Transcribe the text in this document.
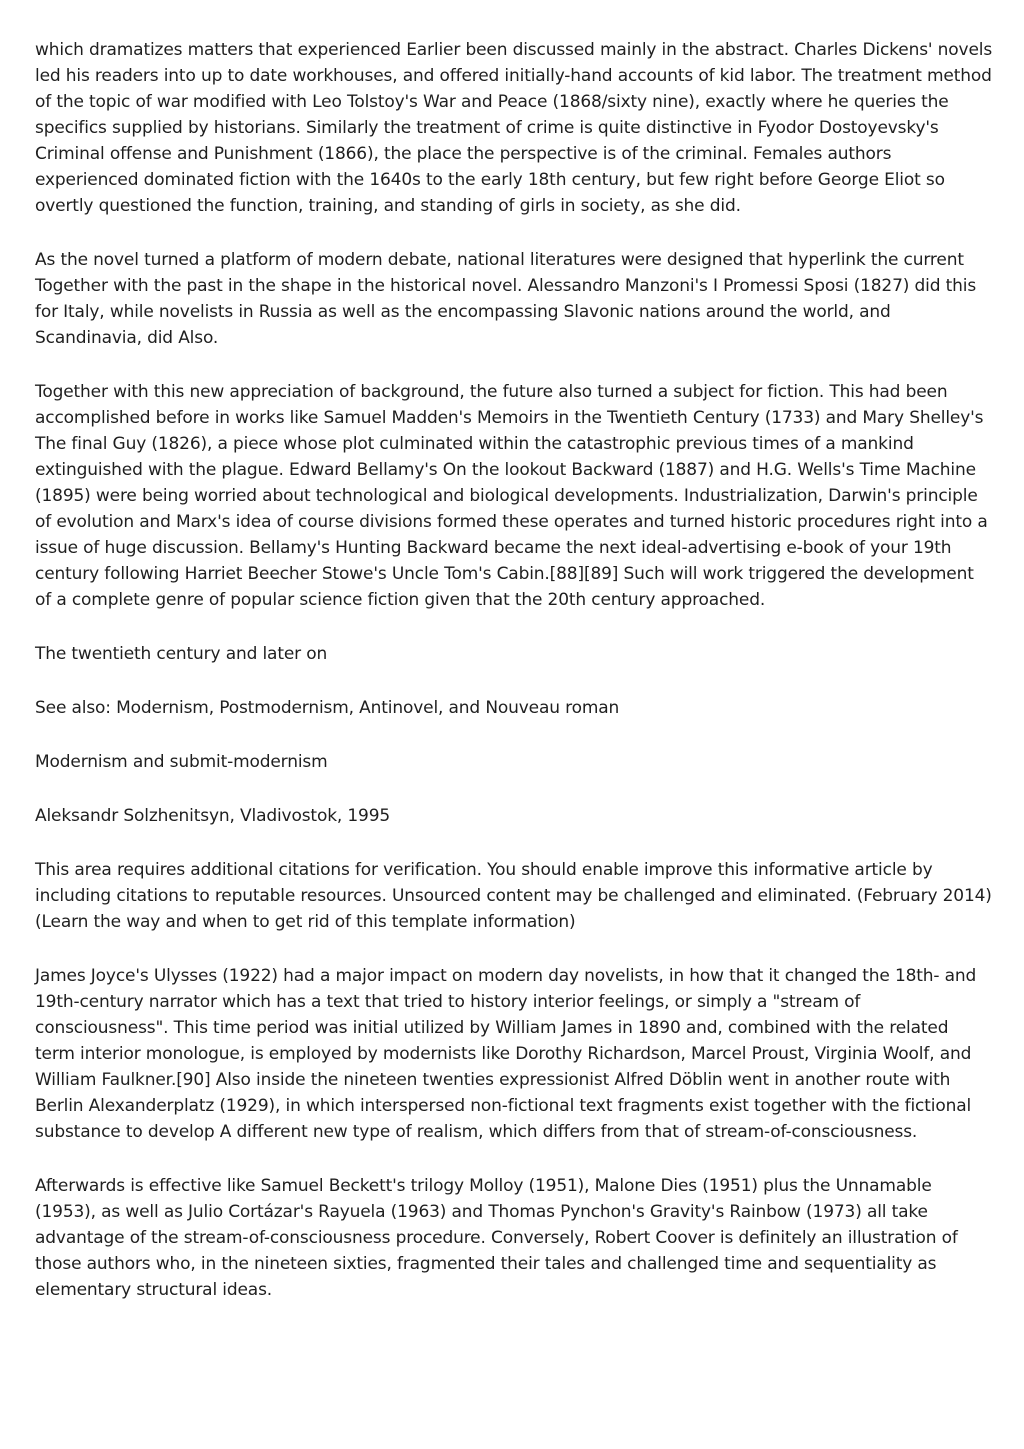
which dramatizes matters that experienced Earlier been discussed mainly in the abstract. Charles Dickens' novels led his readers into up to date workhouses, and offered initially-hand accounts of kid labor. The treatment method of the topic of war modified with Leo Tolstoy's War and Peace (1868/sixty nine), exactly where he queries the specifics supplied by historians. Similarly the treatment of crime is quite distinctive in Fyodor Dostoyevsky's Criminal offense and Punishment (1866), the place the perspective is of the criminal. Females authors experienced dominated fiction with the 1640s to the early 18th century, but few right before George Eliot so overtly questioned the function, training, and standing of girls in society, as she did.

As the novel turned a platform of modern debate, national literatures were designed that hyperlink the current Together with the past in the shape in the historical novel. Alessandro Manzoni's I Promessi Sposi (1827) did this for Italy, while novelists in Russia as well as the encompassing Slavonic nations around the world, and Scandinavia, did Also.

Together with this new appreciation of background, the future also turned a subject for fiction. This had been accomplished before in works like Samuel Madden's Memoirs in the Twentieth Century (1733) and Mary Shelley's The final Guy (1826), a piece whose plot culminated within the catastrophic previous times of a mankind extinguished with the plague. Edward Bellamy's On the lookout Backward (1887) and H.G. Wells's Time Machine (1895) were being worried about technological and biological developments. Industrialization, Darwin's principle of evolution and Marx's idea of course divisions formed these operates and turned historic procedures right into a issue of huge discussion. Bellamy's Hunting Backward became the next ideal-advertising e-book of your 19th century following Harriet Beecher Stowe's Uncle Tom's Cabin.[88][89] Such will work triggered the development of a complete genre of popular science fiction given that the 20th century approached.

The twentieth century and later on

See also: Modernism, Postmodernism, Antinovel, and Nouveau roman

Modernism and submit-modernism

Aleksandr Solzhenitsyn, Vladivostok, 1995

This area requires additional citations for verification. You should enable improve this informative article by including citations to reputable resources. Unsourced content may be challenged and eliminated. (February 2014) (Learn the way and when to get rid of this template information)

James Joyce's Ulysses (1922) had a major impact on modern day novelists, in how that it changed the 18th- and 19th-century narrator which has a text that tried to history interior feelings, or simply a "stream of consciousness". This time period was initial utilized by William James in 1890 and, combined with the related term interior monologue, is employed by modernists like Dorothy Richardson, Marcel Proust, Virginia Woolf, and William Faulkner.[90] Also inside the nineteen twenties expressionist Alfred Döblin went in another route with Berlin Alexanderplatz (1929), in which interspersed non-fictional text fragments exist together with the fictional substance to develop A different new type of realism, which differs from that of stream-of-consciousness.

Afterwards is effective like Samuel Beckett's trilogy Molloy (1951), Malone Dies (1951) plus the Unnamable (1953), as well as Julio Cortázar's Rayuela (1963) and Thomas Pynchon's Gravity's Rainbow (1973) all take advantage of the stream-of-consciousness procedure. Conversely, Robert Coover is definitely an illustration of those authors who, in the nineteen sixties, fragmented their tales and challenged time and sequentiality as elementary structural ideas.
